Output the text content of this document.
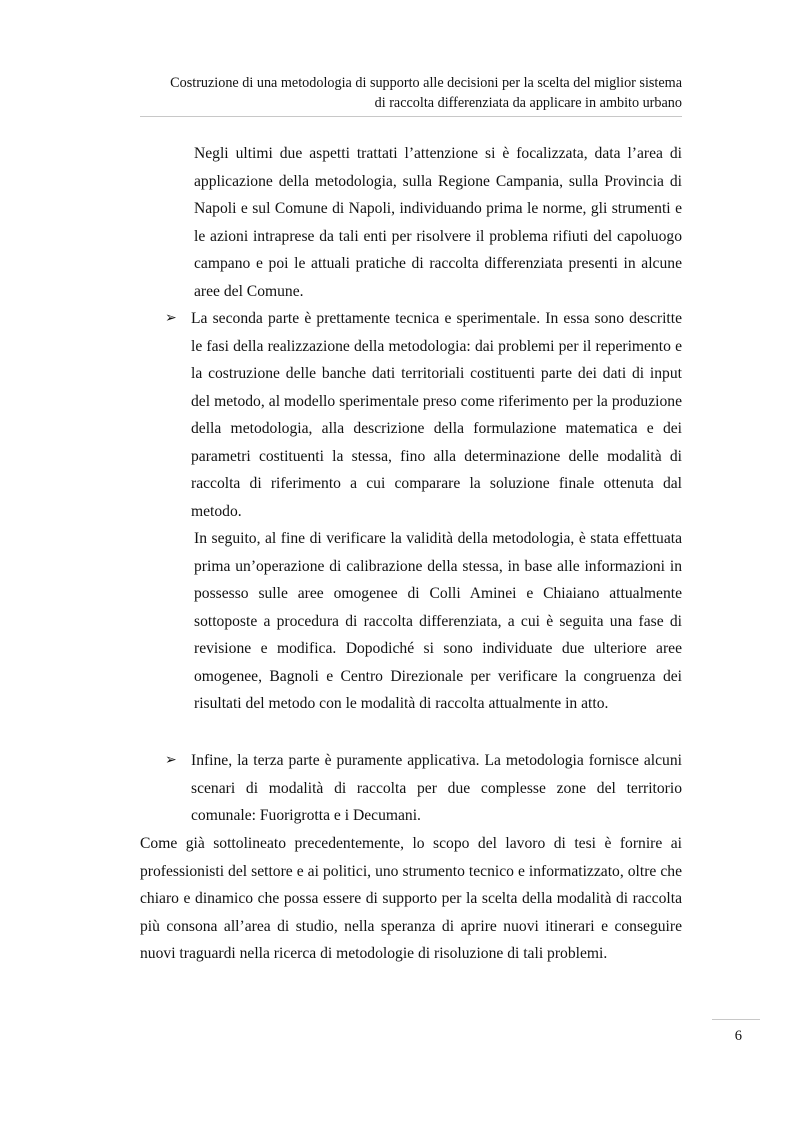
Costruzione di una metodologia di supporto alle decisioni per la scelta del miglior sistema
di raccolta differenziata da applicare in ambito urbano

Negli ultimi due aspetti trattati l’attenzione si è focalizzata, data l’area di applicazione della metodologia, sulla Regione Campania, sulla Provincia di Napoli e sul Comune di Napoli, individuando prima le norme, gli strumenti e le azioni intraprese da tali enti per risolvere il problema rifiuti del capoluogo campano e poi le attuali pratiche di raccolta differenziata presenti in alcune aree del Comune.

➢ La seconda parte è prettamente tecnica e sperimentale. In essa sono descritte le fasi della realizzazione della metodologia: dai problemi per il reperimento e la costruzione delle banche dati territoriali costituenti parte dei dati di input del metodo, al modello sperimentale preso come riferimento per la produzione della metodologia, alla descrizione della formulazione matematica e dei parametri costituenti la stessa, fino alla determinazione delle modalità di raccolta di riferimento a cui comparare la soluzione finale ottenuta dal metodo.

In seguito, al fine di verificare la validità della metodologia, è stata effettuata prima un’operazione di calibrazione della stessa, in base alle informazioni in possesso sulle aree omogenee di Colli Aminei e Chiaiano attualmente sottoposte a procedura di raccolta differenziata, a cui è seguita una fase di revisione e modifica. Dopodiché si sono individuate due ulteriore aree omogenee, Bagnoli e Centro Direzionale per verificare la congruenza dei risultati del metodo con le modalità di raccolta attualmente in atto.

➢ Infine, la terza parte è puramente applicativa. La metodologia fornisce alcuni scenari di modalità di raccolta per due complesse zone del territorio comunale: Fuorigrotta e i Decumani.

Come già sottolineato precedentemente, lo scopo del lavoro di tesi è fornire ai professionisti del settore e ai politici, uno strumento tecnico e informatizzato, oltre che chiaro e dinamico che possa essere di supporto per la scelta della modalità di raccolta più consona all’area di studio, nella speranza di aprire nuovi itinerari e conseguire nuovi traguardi nella ricerca di metodologie di risoluzione di tali problemi.

6
